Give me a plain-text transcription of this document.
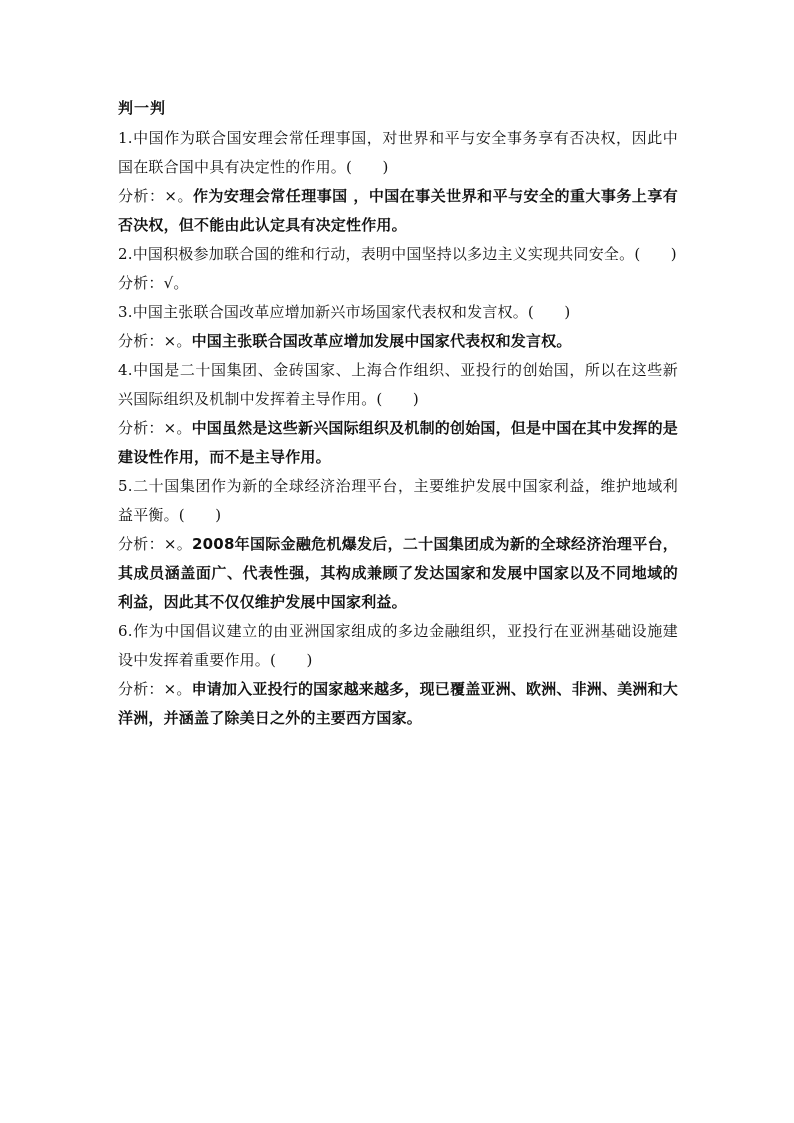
判一判

1.中国作为联合国安理会常任理事国，对世界和平与安全事务享有否决权，因此中国在联合国中具有决定性的作用。(　　)

分析：×。作为安理会常任理事国 ，中国在事关世界和平与安全的重大事务上享有否决权，但不能由此认定具有决定性作用。

2.中国积极参加联合国的维和行动，表明中国坚持以多边主义实现共同安全。(　　)

分析：√。

3.中国主张联合国改革应增加新兴市场国家代表权和发言权。(　　)

分析：×。中国主张联合国改革应增加发展中国家代表权和发言权。

4.中国是二十国集团、金砖国家、上海合作组织、亚投行的创始国，所以在这些新兴国际组织及机制中发挥着主导作用。(　　)

分析：×。中国虽然是这些新兴国际组织及机制的创始国，但是中国在其中发挥的是建设性作用，而不是主导作用。

5.二十国集团作为新的全球经济治理平台，主要维护发展中国家利益，维护地域利益平衡。(　　)

分析：×。2008年国际金融危机爆发后，二十国集团成为新的全球经济治理平台，其成员涵盖面广、代表性强，其构成兼顾了发达国家和发展中国家以及不同地域的利益，因此其不仅仅维护发展中国家利益。

6.作为中国倡议建立的由亚洲国家组成的多边金融组织，亚投行在亚洲基础设施建设中发挥着重要作用。(　　)

分析：×。申请加入亚投行的国家越来越多，现已覆盖亚洲、欧洲、非洲、美洲和大洋洲，并涵盖了除美日之外的主要西方国家。
